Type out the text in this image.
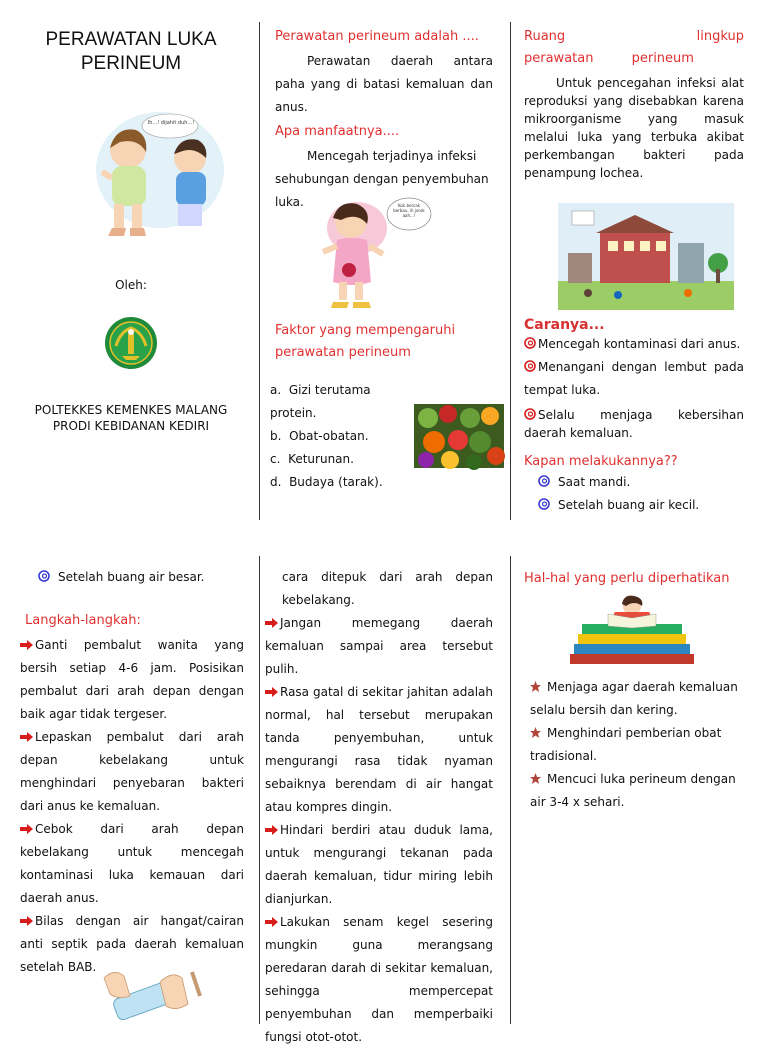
PERAWATAN LUKA
PERINEUM
Ih...! dijahit duh...!

Oleh:

POLTEKKES KEMENKES MALANG
PRODI KEBIDANAN KEDIRI

Perawatan perineum adalah ....

Perawatan daerah antara paha yang di batasi kemaluan dan anus.

Apa manfaatnya....

Mencegah terjadinya infeksi sehubungan dengan penyembuhan luka.	Kok bercak berbau, ih jorok aah...!

Faktor yang mempengaruhi perawatan perineum

a. Gizi terutama protein.
b. Obat-obatan.
c. Keturunan.
d. Budaya (tarak).

Ruang lingkup perawatan perineum

Untuk pencegahan infeksi alat reproduksi yang disebabkan karena mikroorganisme yang masuk melalui luka yang terbuka akibat perkembangan bakteri pada penampung lochea.

Caranya...

Mencegah kontaminasi dari anus.

Menangani dengan lembut pada tempat luka.

Selalu menjaga kebersihan daerah kemaluan.

Kapan melakukannya??

Saat mandi.

Setelah buang air kecil.

Setelah buang air besar.

Langkah-langkah:

Ganti pembalut wanita yang bersih setiap 4-6 jam. Posisikan pembalut dari arah depan dengan baik agar tidak tergeser.

Lepaskan pembalut dari arah depan kebelakang untuk menghindari penyebaran bakteri dari anus ke kemaluan.

Cebok dari arah depan kebelakang untuk mencegah kontaminasi luka kemauan dari daerah anus.

Bilas dengan air hangat/cairan anti septik pada daerah kemaluan setelah BAB.

cara ditepuk dari arah depan kebelakang.

Jangan memegang daerah kemaluan sampai area tersebut pulih.

Rasa gatal di sekitar jahitan adalah normal, hal tersebut merupakan tanda penyembuhan, untuk mengurangi rasa tidak nyaman sebaiknya berendam di air hangat atau kompres dingin.

Hindari berdiri atau duduk lama, untuk mengurangi tekanan pada daerah kemaluan, tidur miring lebih dianjurkan.

Lakukan senam kegel sesering mungkin guna merangsang peredaran darah di sekitar kemaluan, sehingga mempercepat penyembuhan dan memperbaiki fungsi otot-otot.

Hal-hal yang perlu diperhatikan

Menjaga agar daerah kemaluan selalu bersih dan kering.

Menghindari pemberian obat tradisional.

Mencuci luka perineum dengan air 3-4 x sehari.
